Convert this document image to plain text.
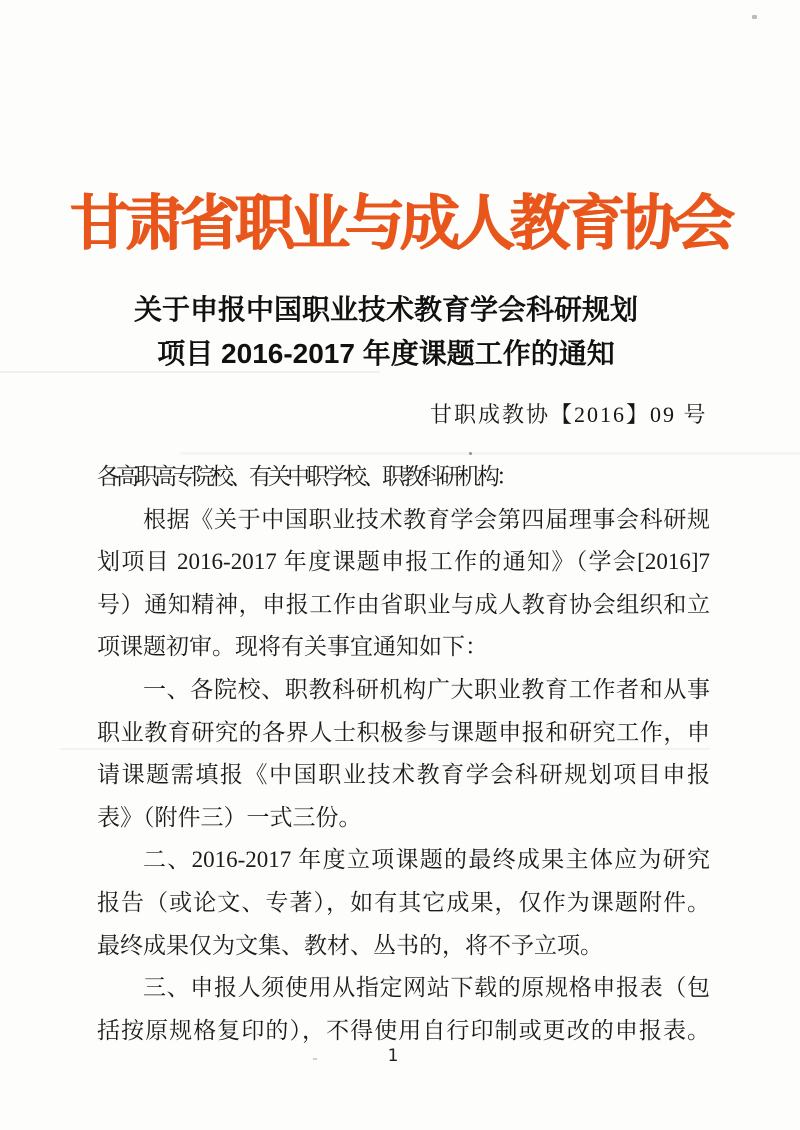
甘肃省职业与成人教育协会
关于申报中国职业技术教育学会科研规划
项目 2016-2017 年度课题工作的通知
甘职成教协【2016】09 号
各高职高专院校、有关中职学校、职教科研机构：
根据《关于中国职业技术教育学会第四届理事会科研规
划项目 2016-2017 年度课题申报工作的通知》（学会[2016]7
号）通知精神，申报工作由省职业与成人教育协会组织和立
项课题初审。现将有关事宜通知如下：
一、各院校、职教科研机构广大职业教育工作者和从事
职业教育研究的各界人士积极参与课题申报和研究工作，申
请课题需填报《中国职业技术教育学会科研规划项目申报
表》（附件三）一式三份。
二、2016-2017 年度立项课题的最终成果主体应为研究
报告（或论文、专著），如有其它成果，仅作为课题附件。
最终成果仅为文集、教材、丛书的，将不予立项。
三、申报人须使用从指定网站下载的原规格申报表（包
括按原规格复印的），不得使用自行印制或更改的申报表。
1
